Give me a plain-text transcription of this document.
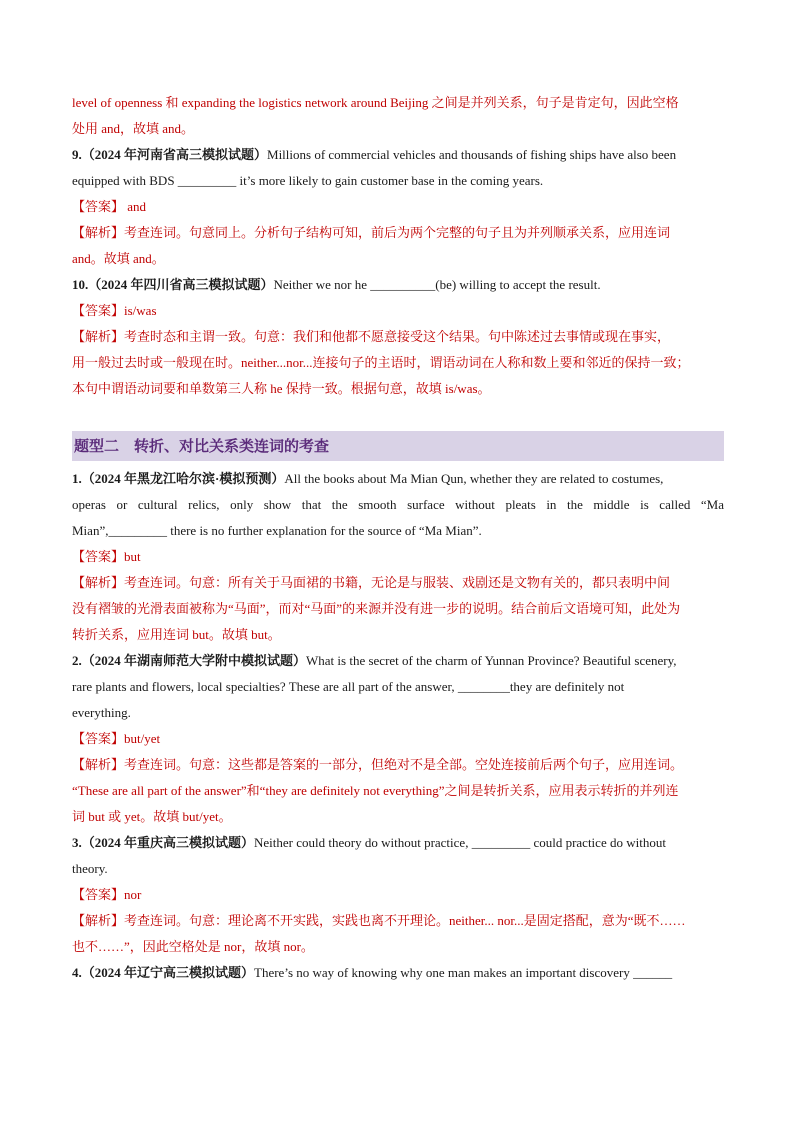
level of openness 和 expanding the logistics network around Beijing 之间是并列关系，句子是肯定句，因此空格
处用 and，故填 and。
9.（2024 年河南省高三模拟试题）Millions of commercial vehicles and thousands of fishing ships have also been
equipped with BDS _________ it’s more likely to gain customer base in the coming years.
【答案】 and
【解析】考查连词。句意同上。分析句子结构可知，前后为两个完整的句子且为并列顺承关系，应用连词
and。故填 and。
10.（2024 年四川省高三模拟试题）Neither we nor he __________(be) willing to accept the result.
【答案】is/was
【解析】考查时态和主谓一致。句意：我们和他都不愿意接受这个结果。句中陈述过去事情或现在事实，
用一般过去时或一般现在时。neither...nor...连接句子的主语时，谓语动词在人称和数上要和邻近的保持一致；
本句中谓语动词要和单数第三人称 he 保持一致。根据句意，故填 is/was。
题型二　转折、对比关系类连词的考查
1.（2024 年黑龙江哈尔滨·模拟预测）All the books about Ma Mian Qun, whether they are related to costumes,
operas or cultural relics, only show that the smooth surface without pleats in the middle is called “Ma
Mian”,_________ there is no further explanation for the source of “Ma Mian”.
【答案】but
【解析】考查连词。句意：所有关于马面裙的书籍，无论是与服装、戏剧还是文物有关的，都只表明中间
没有褶皱的光滑表面被称为“马面”，而对“马面”的来源并没有进一步的说明。结合前后文语境可知，此处为
转折关系，应用连词 but。故填 but。
2.（2024 年湖南师范大学附中模拟试题）What is the secret of the charm of Yunnan Province? Beautiful scenery,
rare plants and flowers, local specialties? These are all part of the answer, ________they are definitely not
everything.
【答案】but/yet
【解析】考查连词。句意：这些都是答案的一部分，但绝对不是全部。空处连接前后两个句子，应用连词。
“These are all part of the answer”和“they are definitely not everything”之间是转折关系，应用表示转折的并列连
词 but 或 yet。故填 but/yet。
3.（2024 年重庆高三模拟试题）Neither could theory do without practice, _________ could practice do without
theory.
【答案】nor
【解析】考查连词。句意：理论离不开实践，实践也离不开理论。neither... nor...是固定搭配，意为“既不……
也不……”，因此空格处是 nor，故填 nor。
4.（2024 年辽宁高三模拟试题）There’s no way of knowing why one man makes an important discovery ______
